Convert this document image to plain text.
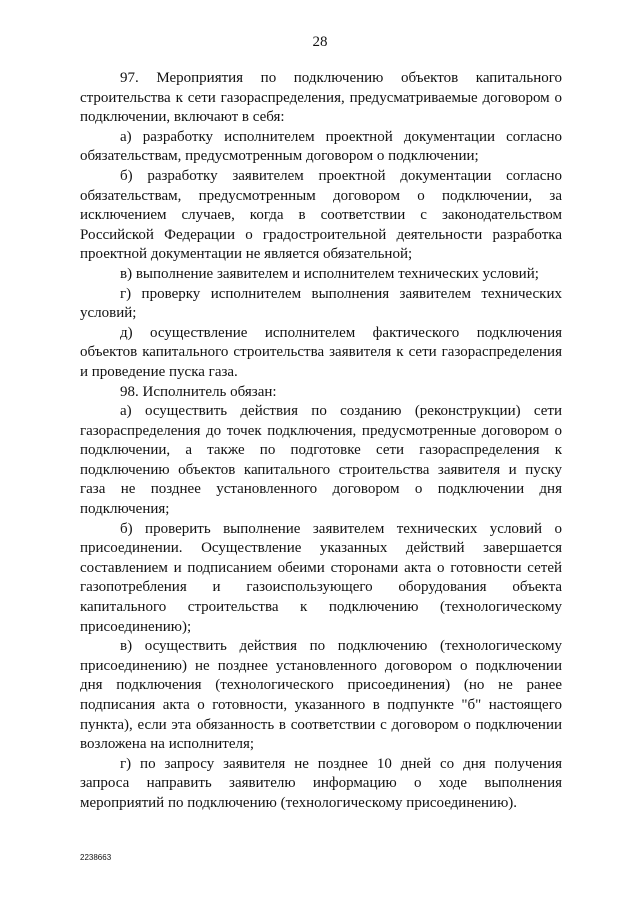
28

97. Мероприятия по подключению объектов капитального строительства к сети газораспределения, предусматриваемые договором о подключении, включают в себя:

а) разработку исполнителем проектной документации согласно обязательствам, предусмотренным договором о подключении;

б) разработку заявителем проектной документации согласно обязательствам, предусмотренным договором о подключении, за исключением случаев, когда в соответствии с законодательством Российской Федерации о градостроительной деятельности разработка проектной документации не является обязательной;

в) выполнение заявителем и исполнителем технических условий;

г) проверку исполнителем выполнения заявителем технических условий;

д) осуществление исполнителем фактического подключения объектов капитального строительства заявителя к сети газораспределения и проведение пуска газа.

98. Исполнитель обязан:

а) осуществить действия по созданию (реконструкции) сети газораспределения до точек подключения, предусмотренные договором о подключении, а также по подготовке сети газораспределения к подключению объектов капитального строительства заявителя и пуску газа не позднее установленного договором о подключении дня подключения;

б) проверить выполнение заявителем технических условий о присоединении. Осуществление указанных действий завершается составлением и подписанием обеими сторонами акта о готовности сетей газопотребления и газоиспользующего оборудования объекта капитального строительства к подключению (технологическому присоединению);

в) осуществить действия по подключению (технологическому присоединению) не позднее установленного договором о подключении дня подключения (технологического присоединения) (но не ранее подписания акта о готовности, указанного в подпункте "б" настоящего пункта), если эта обязанность в соответствии с договором о подключении возложена на исполнителя;

г) по запросу заявителя не позднее 10 дней со дня получения запроса направить заявителю информацию о ходе выполнения мероприятий по подключению (технологическому присоединению).

2238663
